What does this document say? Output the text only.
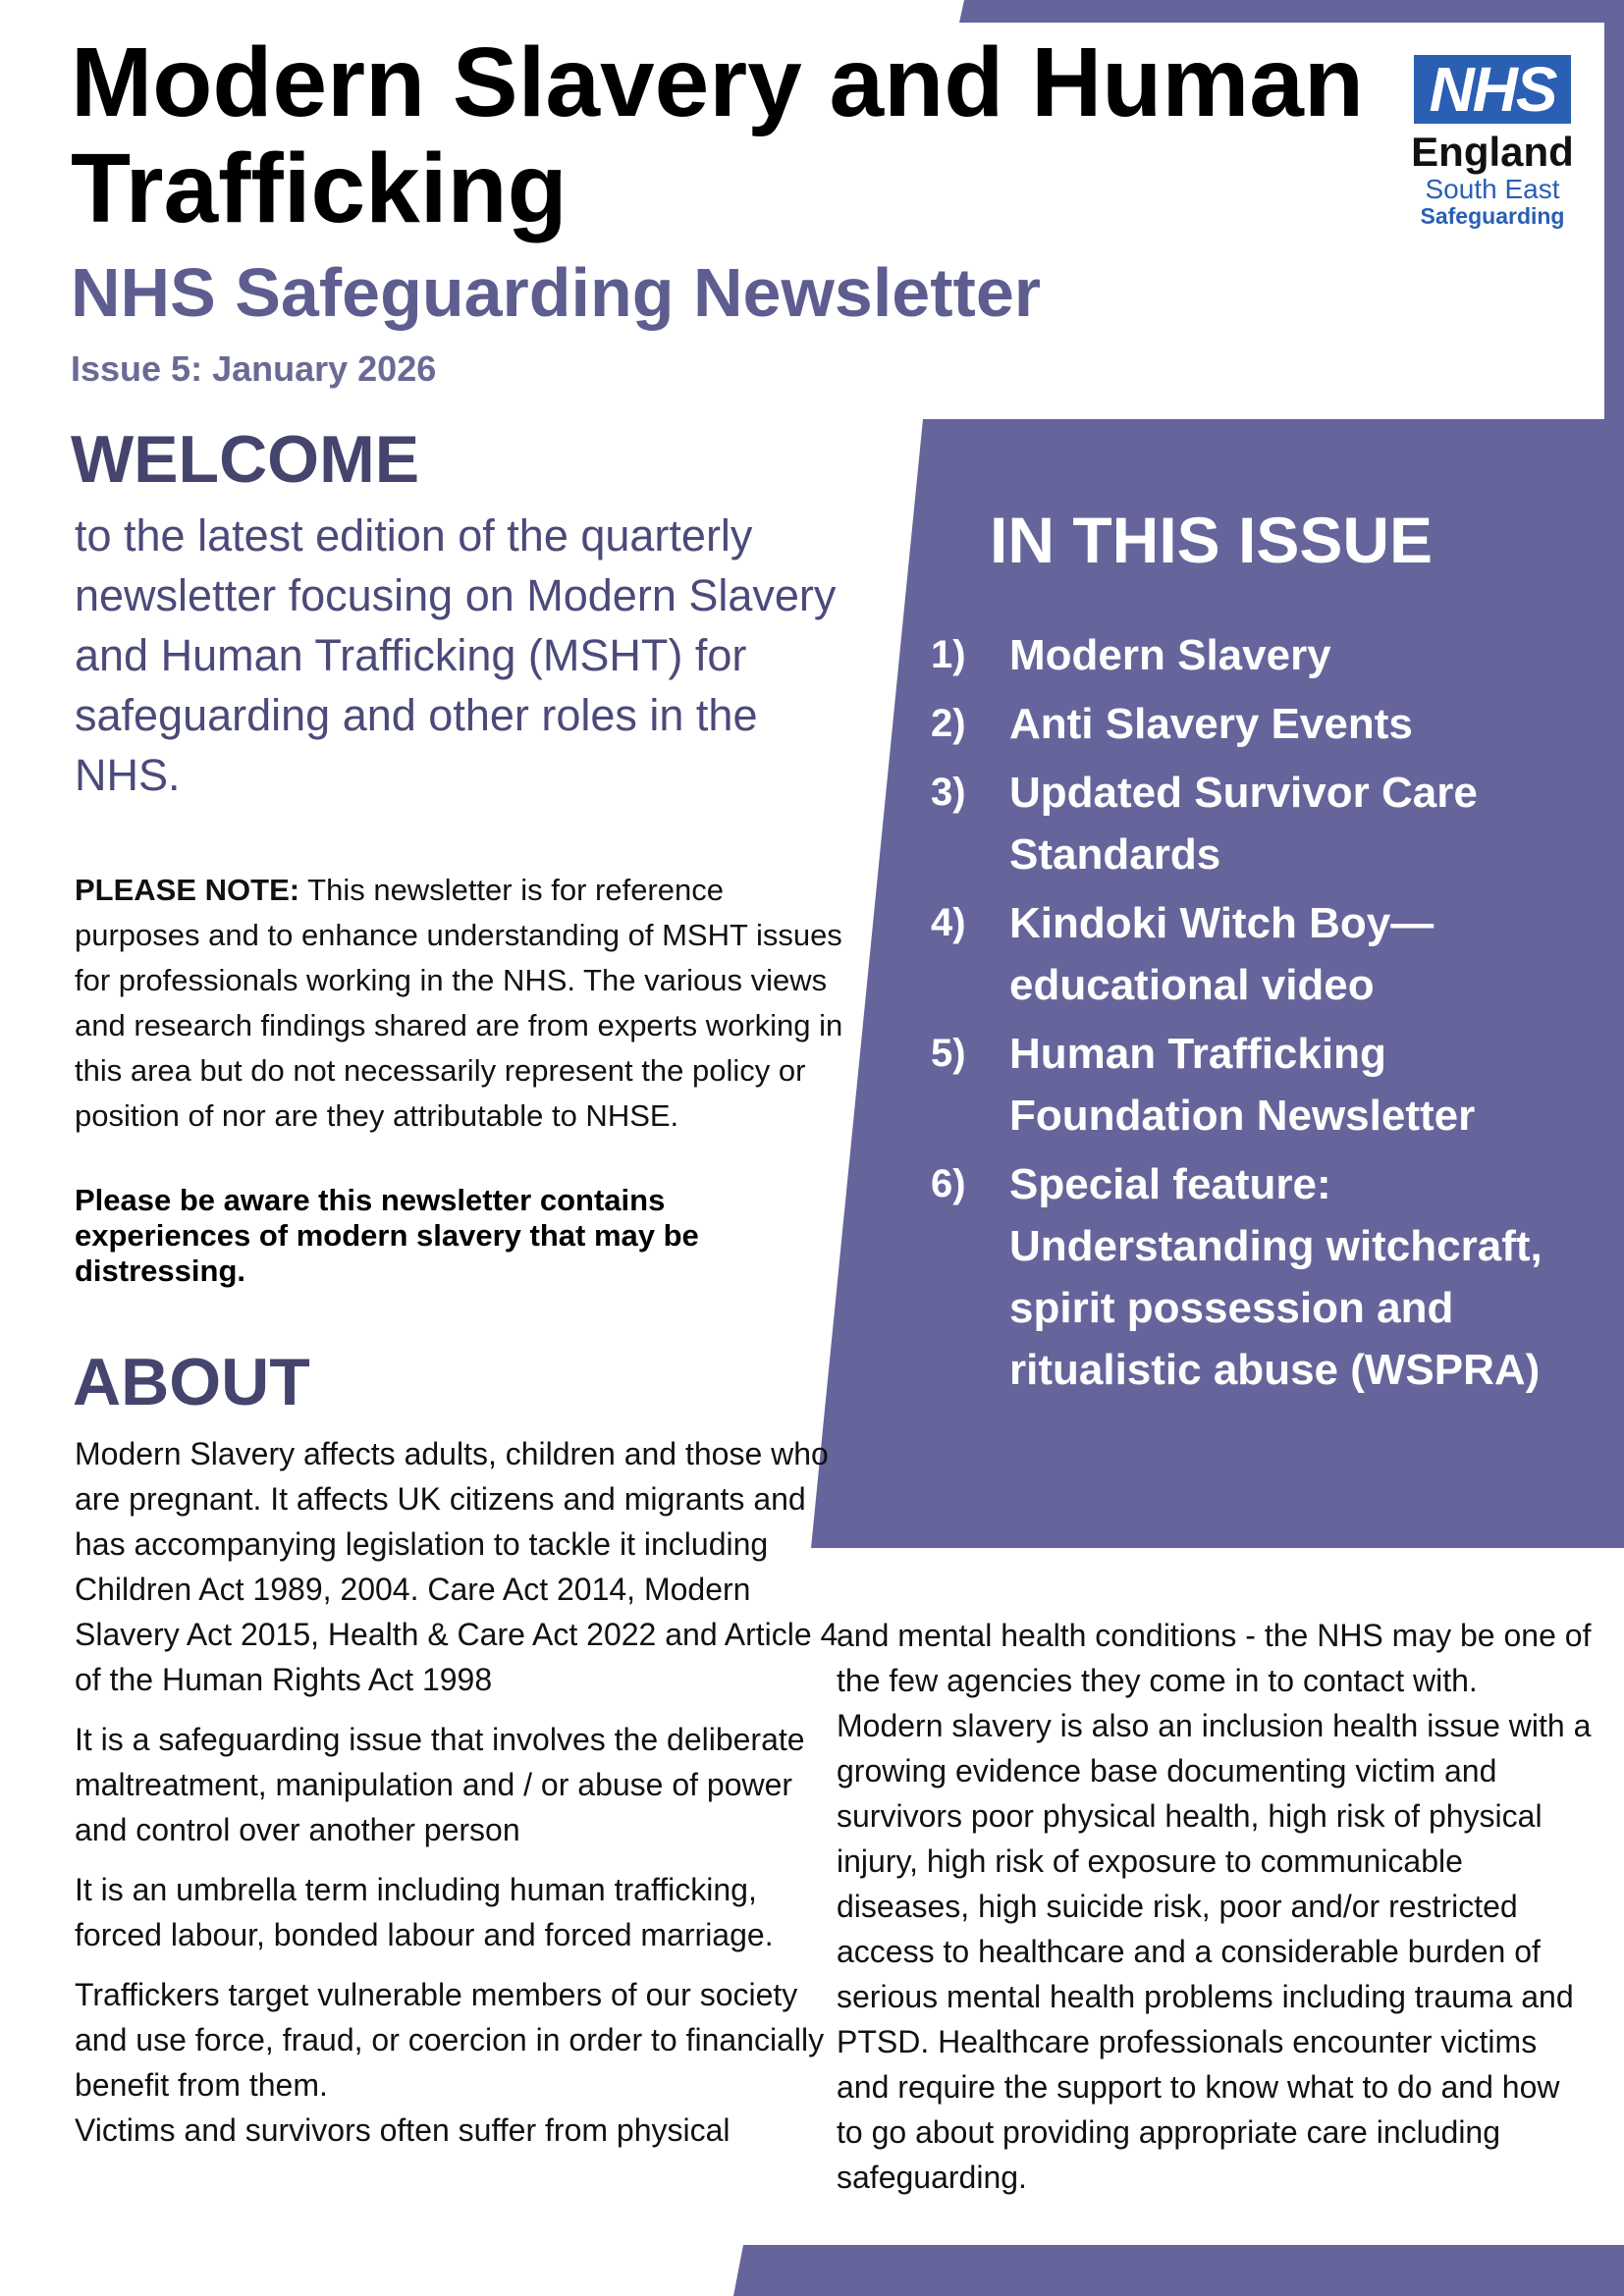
Modern Slavery and Human Trafficking
NHS Safeguarding Newsletter
Issue 5: January 2026
NHS
England
South East
Safeguarding
WELCOME
to the latest edition of the quarterly newsletter focusing on Modern Slavery and Human Trafficking (MSHT) for safeguarding and other roles in the NHS.
PLEASE NOTE: This newsletter is for reference purposes and to enhance understanding of MSHT issues for professionals working in the NHS. The various views and research findings shared are from experts working in this area but do not necessarily represent the policy or position of nor are they attributable to NHSE.
Please be aware this newsletter contains experiences of modern slavery that may be distressing.
IN THIS ISSUE
1)	Modern Slavery
2)	Anti Slavery Events
3)	Updated Survivor Care Standards
4)	Kindoki Witch Boy—educational video
5)	Human Trafficking Foundation Newsletter
6)	Special feature: Understanding witchcraft, spirit possession and ritualistic abuse (WSPRA)
ABOUT

Modern Slavery affects adults, children and those who are pregnant. It affects UK citizens and migrants and has accompanying legislation to tackle it including Children Act 1989, 2004. Care Act 2014, Modern Slavery Act 2015, Health & Care Act 2022 and Article 4 of the Human Rights Act 1998

It is a safeguarding issue that involves the deliberate maltreatment, manipulation and / or abuse of power and control over another person

It is an umbrella term including human trafficking, forced labour, bonded labour and forced marriage.

Traffickers target vulnerable members of our society and use force, fraud, or coercion in order to financially benefit from them.

Victims and survivors often suffer from physical

and mental health conditions - the NHS may be one of the few agencies they come in to contact with. Modern slavery is also an inclusion health issue with a growing evidence base documenting victim and survivors poor physical health, high risk of physical injury, high risk of exposure to communicable diseases, high suicide risk, poor and/or restricted access to healthcare and a considerable burden of serious mental health problems including trauma and PTSD. Healthcare professionals encounter victims and require the support to know what to do and how to go about providing appropriate care including safeguarding.
